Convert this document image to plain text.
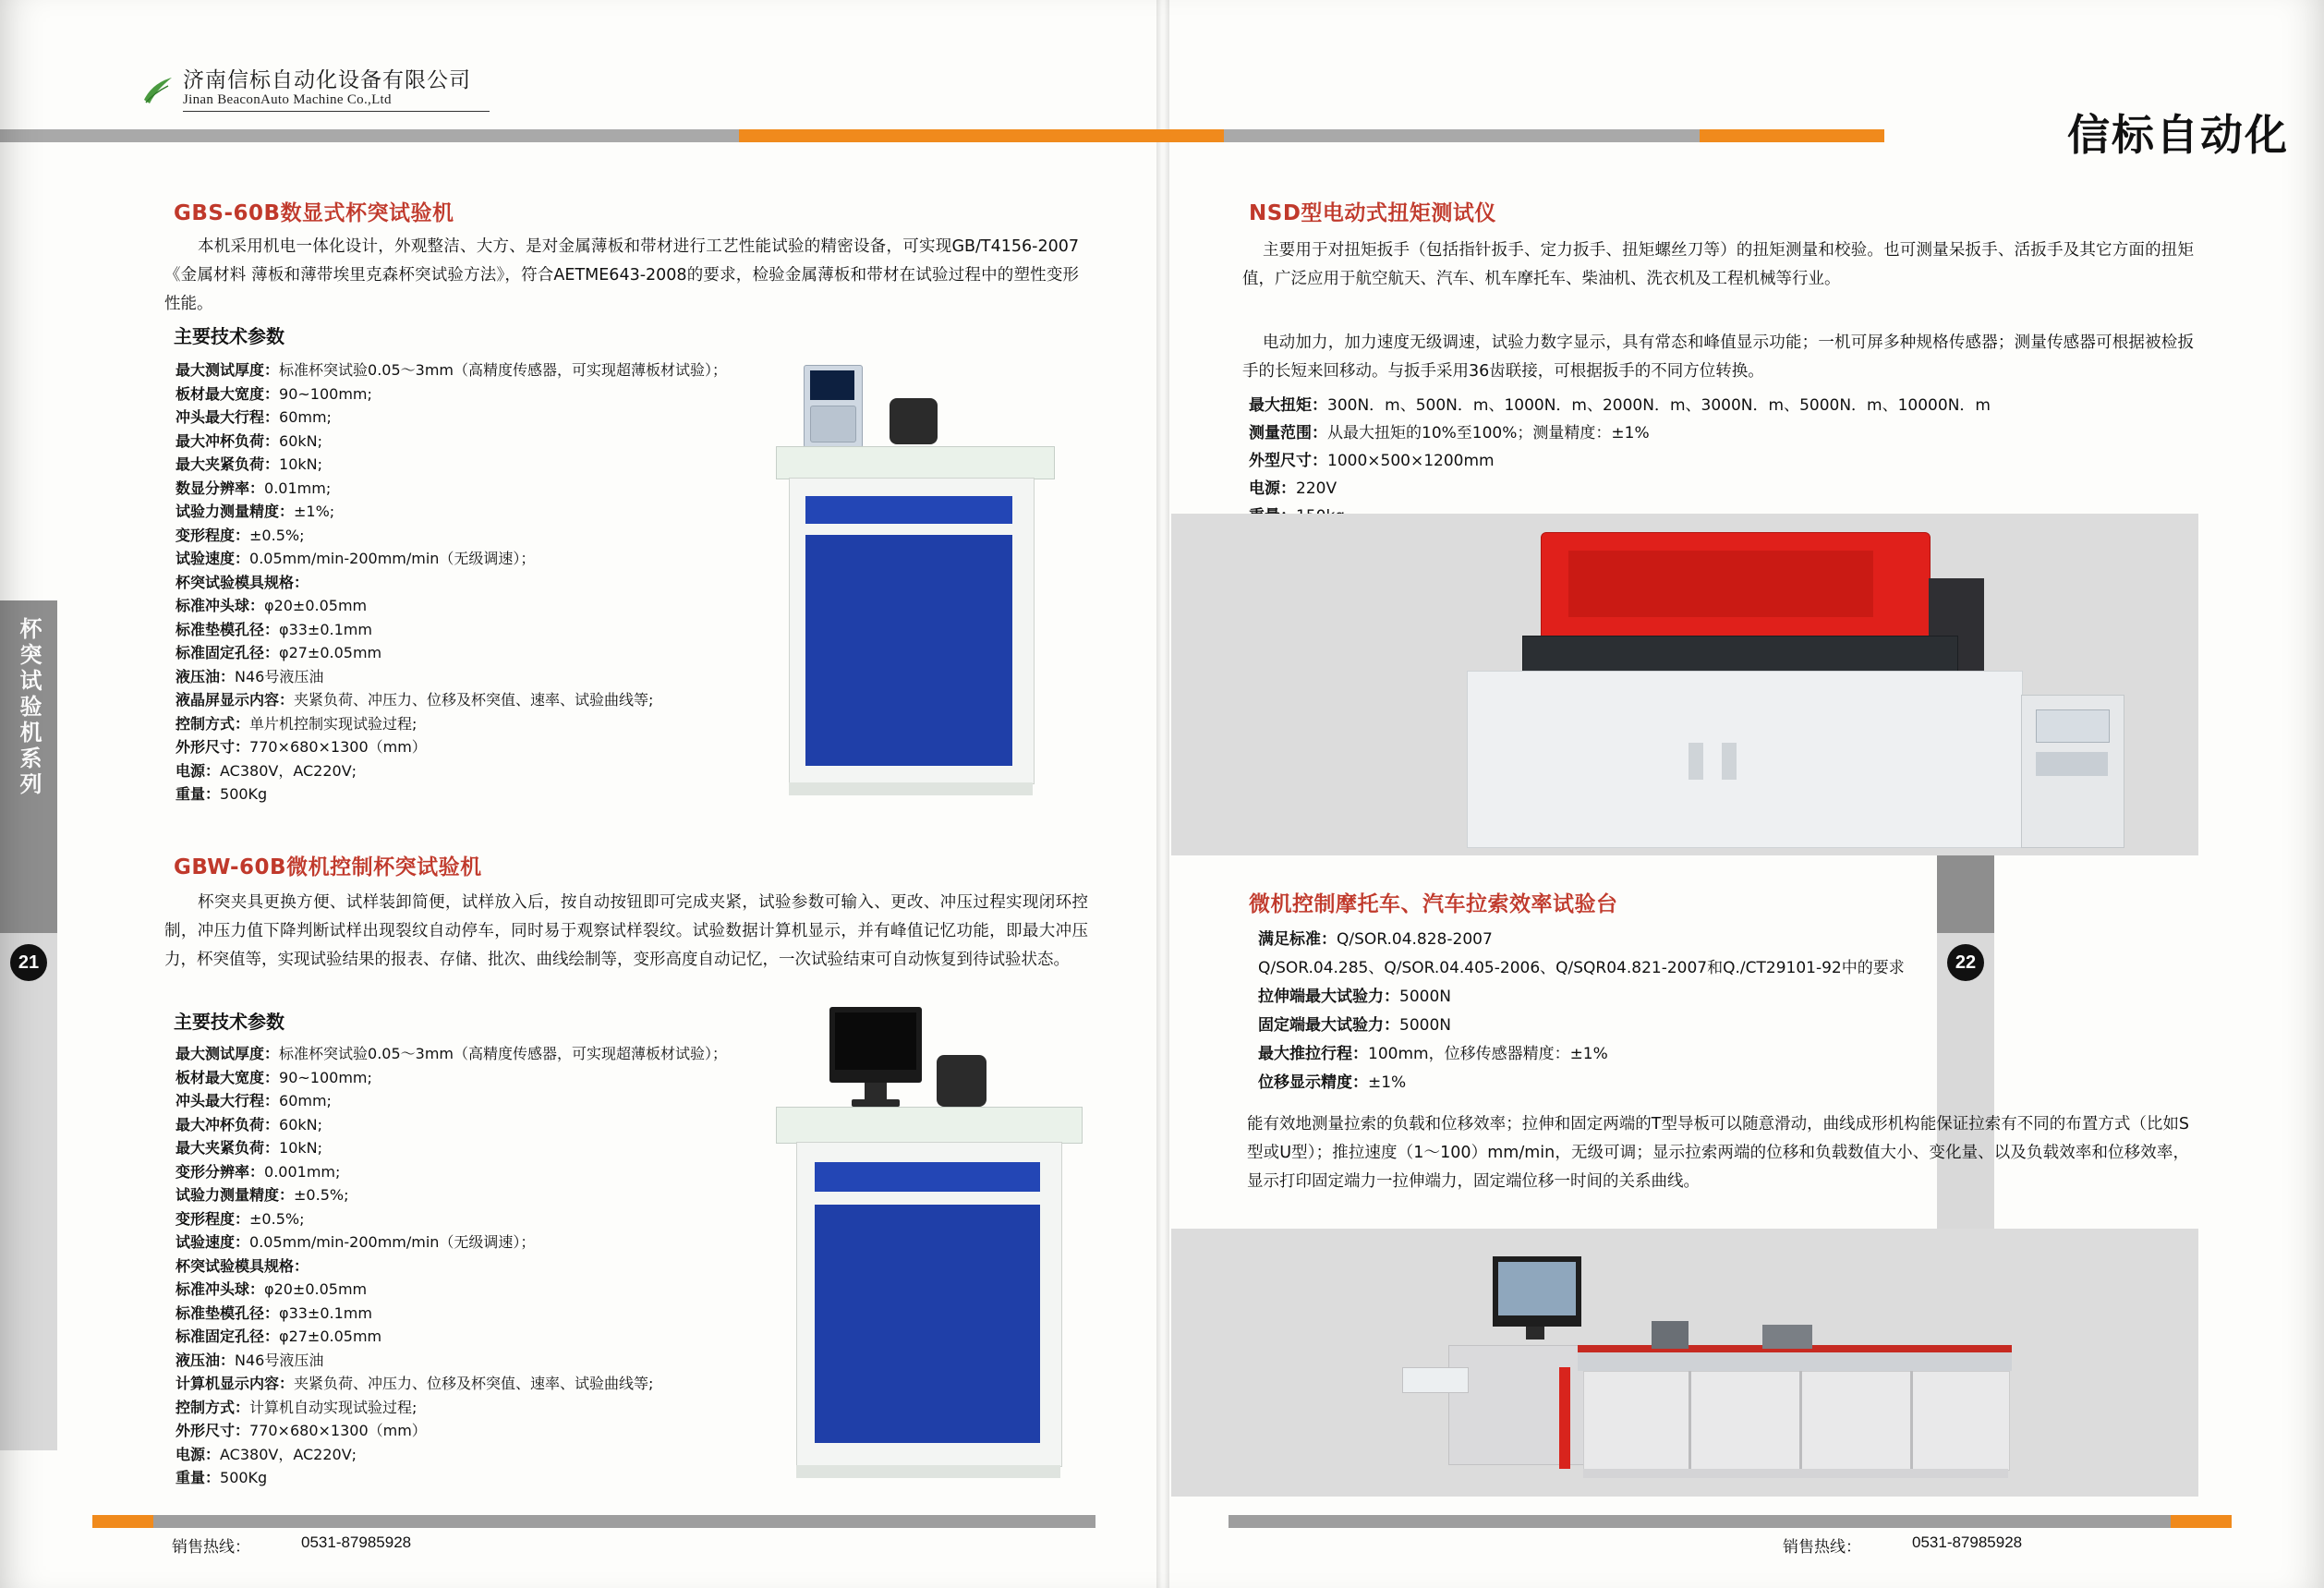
济南信标自动化设备有限公司
Jinan BeaconAuto Machine Co.,Ltd
信标自动化
杯突试验机系列
21	22
GBS-60B数显式杯突试验机
本机采用机电一体化设计，外观整洁、大方、是对金属薄板和带材进行工艺性能试验的精密设备，可实现GB/T4156-2007《金属材料 薄板和薄带埃里克森杯突试验方法》，符合AETME643-2008的要求，检验金属薄板和带材在试验过程中的塑性变形性能。
主要技术参数
最大测试厚度：标准杯突试验0.05～3mm（高精度传感器，可实现超薄板材试验）；
板材最大宽度：90~100mm;
冲头最大行程：60mm;
最大冲杯负荷：60kN;
最大夹紧负荷：10kN;
数显分辨率：0.01mm;
试验力测量精度：±1%;
变形程度：±0.5%;
试验速度：0.05mm/min-200mm/min（无级调速）；
杯突试验模具规格：
标准冲头球：φ20±0.05mm
标准垫模孔径：φ33±0.1mm
标准固定孔径：φ27±0.05mm
液压油：N46号液压油
液晶屏显示内容：夹紧负荷、冲压力、位移及杯突值、速率、试验曲线等;
控制方式：单片机控制实现试验过程;
外形尺寸：770×680×1300（mm）
电源：AC380V，AC220V;
重量：500Kg
GBW-60B微机控制杯突试验机
杯突夹具更换方便、试样装卸简便，试样放入后，按自动按钮即可完成夹紧，试验参数可输入、更改、冲压过程实现闭环控制，冲压力值下降判断试样出现裂纹自动停车，同时易于观察试样裂纹。试验数据计算机显示，并有峰值记忆功能，即最大冲压力，杯突值等，实现试验结果的报表、存储、批次、曲线绘制等，变形高度自动记忆，一次试验结束可自动恢复到待试验状态。
主要技术参数
最大测试厚度：标准杯突试验0.05～3mm（高精度传感器，可实现超薄板材试验）；
板材最大宽度：90~100mm;
冲头最大行程：60mm;
最大冲杯负荷：60kN;
最大夹紧负荷：10kN;
变形分辨率：0.001mm;
试验力测量精度：±0.5%;
变形程度：±0.5%;
试验速度：0.05mm/min-200mm/min（无级调速）；
杯突试验模具规格：
标准冲头球：φ20±0.05mm
标准垫模孔径：φ33±0.1mm
标准固定孔径：φ27±0.05mm
液压油：N46号液压油
计算机显示内容：夹紧负荷、冲压力、位移及杯突值、速率、试验曲线等;
控制方式：计算机自动实现试验过程;
外形尺寸：770×680×1300（mm）
电源：AC380V，AC220V;
重量：500Kg
销售热线：	0531-87985928
NSD型电动式扭矩测试仪
主要用于对扭矩扳手（包括指针扳手、定力扳手、扭矩螺丝刀等）的扭矩测量和校验。也可测量呆扳手、活扳手及其它方面的扭矩值，广泛应用于航空航天、汽车、机车摩托车、柴油机、洗衣机及工程机械等行业。
电动加力，加力速度无级调速，试验力数字显示，具有常态和峰值显示功能；一机可屏多种规格传感器；测量传感器可根据被检扳手的长短来回移动。与扳手采用36齿联接，可根据扳手的不同方位转换。
最大扭矩：300N．m、500N．m、1000N．m、2000N．m、3000N．m、5000N．m、10000N．m
测量范围：从最大扭矩的10%至100%；测量精度：±1%
外型尺寸：1000×500×1200mm
电源：220V
微机控制摩托车、汽车拉索效率试验台
满足标准：Q/SOR.04.828-2007
Q/SOR.04.285、Q/SOR.04.405-2006、Q/SQR04.821-2007和Q./CT29101-92中的要求
拉伸端最大试验力：5000N
固定端最大试验力：5000N
最大推拉行程：100mm，位移传感器精度：±1%
位移显示精度：±1%
能有效地测量拉索的负载和位移效率；拉伸和固定两端的T型导板可以随意滑动，曲线成形机构能保证拉索有不同的布置方式（比如S型或U型）；推拉速度（1～100）mm/min，无级可调；显示拉索两端的位移和负载数值大小、变化量、以及负载效率和位移效率，显示打印固定端力一拉伸端力，固定端位移一时间的关系曲线。
销售热线：	0531-87985928
